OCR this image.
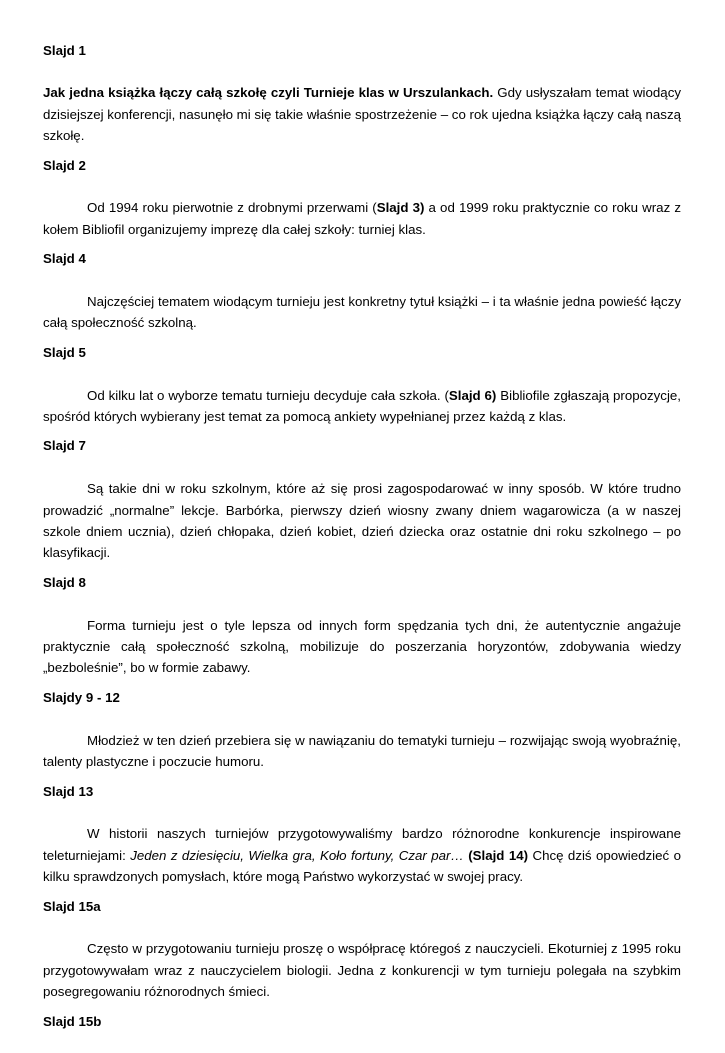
Slajd 1

Jak jedna książka łączy całą szkołę czyli Turnieje klas w Urszulankach. Gdy usłyszałam temat wiodący dzisiejszej konferencji, nasunęło mi się takie właśnie spostrzeżenie – co rok ujedna książka łączy całą naszą szkołę.

Slajd 2

Od 1994 roku pierwotnie z drobnymi przerwami (Slajd 3) a od 1999 roku praktycznie co roku wraz z kołem Bibliofil organizujemy imprezę dla całej szkoły: turniej klas.

Slajd 4

Najczęściej tematem wiodącym turnieju jest konkretny tytuł książki – i ta właśnie jedna powieść łączy całą społeczność szkolną.

Slajd 5

Od kilku lat o wyborze tematu turnieju decyduje cała szkoła. (Slajd 6) Bibliofile zgłaszają propozycje, spośród których wybierany jest temat za pomocą ankiety wypełnianej przez każdą z klas.

Slajd 7

Są takie dni w roku szkolnym, które aż się prosi zagospodarować w inny sposób. W które trudno prowadzić „normalne” lekcje. Barbórka, pierwszy dzień wiosny zwany dniem wagarowicza (a w naszej szkole dniem ucznia), dzień chłopaka, dzień kobiet, dzień dziecka oraz ostatnie dni roku szkolnego – po klasyfikacji.

Slajd 8

Forma turnieju jest o tyle lepsza od innych form spędzania tych dni, że autentycznie angażuje praktycznie całą społeczność szkolną, mobilizuje do poszerzania horyzontów, zdobywania wiedzy „bezboleśnie”, bo w formie zabawy.

Slajdy 9 - 12

Młodzież w ten dzień przebiera się w nawiązaniu do tematyki turnieju – rozwijając swoją wyobraźnię, talenty plastyczne i poczucie humoru.

Slajd 13

W historii naszych turniejów przygotowywaliśmy bardzo różnorodne konkurencje inspirowane teleturniejami: Jeden z dziesięciu, Wielka gra, Koło fortuny, Czar par… (Slajd 14) Chcę dziś opowiedzieć o kilku sprawdzonych pomysłach, które mogą Państwo wykorzystać w swojej pracy.

Slajd 15a

Często w przygotowaniu turnieju proszę o współpracę któregoś z nauczycieli. Ekoturniej z 1995 roku przygotowywałam wraz z nauczycielem biologii. Jedna z konkurencji w tym turnieju polegała na szybkim posegregowaniu różnorodnych śmieci.

Slajd 15b
